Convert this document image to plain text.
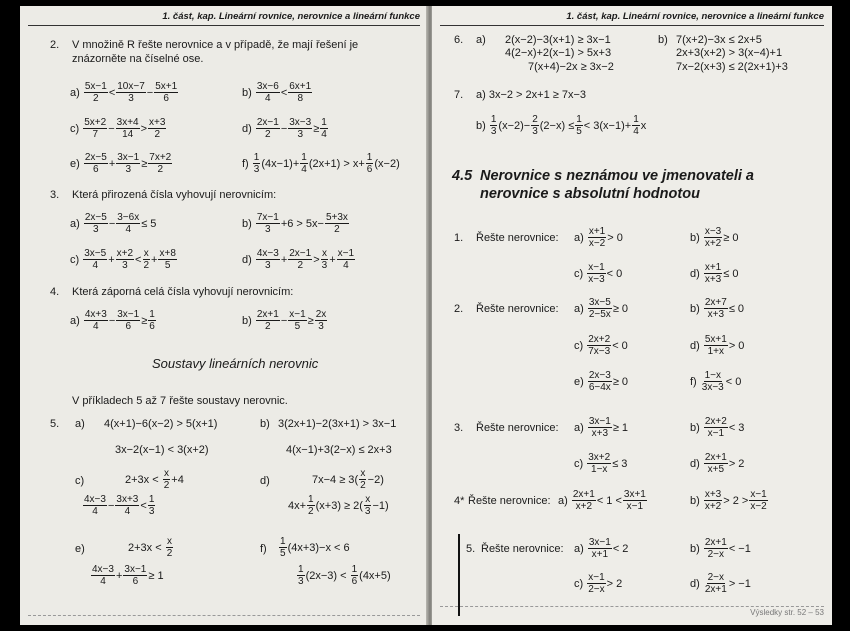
1. část, kap. Lineární rovnice, nerovnice a lineární funkce
2. V množině R řešte nerovnice a v případě, že mají řešení je
znázorněte na číselné ose.
a)
5x−1
2 < 10x−7
3 − 5x+1
6	b)
3x−6
4 < 6x+1
8
c)
5x+2
7 − 3x+4
14 > x+3
2	d)
2x−1
2 − 3x−3
3 ≥ 1
4
e)
2x−5
6 + 3x−1
3 ≥ 7x+2
2	f)
1
3 (4x−1)+ 1
4 (2x+1) > x+ 1
6 (x−2)
3. Která přirozená čísla vyhovují nerovnicím:
a) 2x−5
3 − 3−6x
4 ≤ 5	b) 7x−1
3 +6 > 5x− 5+3x
2
c) 3x−5
4 + x+2
3 < x
2 + x+8
5	d) 4x−3
3 + 2x−1
2 > x
3 + x−1
4
4. Která záporná celá čísla vyhovují nerovnicím:
a) 4x+3
4 − 3x−1
6 ≥ 1
6	b) 2x+1
2 − x−1
5 ≥ 2x
3
Soustavy lineárních nerovnic
V příkladech 5 až 7 řešte soustavy nerovnic.
5. a) 4(x+1)−6(x−2) > 5(x+1)
3x−2(x−1) < 3(x+2)
b) 3(2x+1)−2(3x+1) > 3x−1
4(x−1)+3(2−x) ≤ 2x+3
c)	2+3x <
x
2 +4
4x−3
4 − 3x+3
4 < 1
3
d)	7x−4 ≥ 3 ( x
2 −2)
$4x+ \frac{1}{2} (x+3) \ge 2$ ( x
3 −1)
e)	2+3x <
x
2
4x−3
$4 + \frac{3x-1}{6} \ge 1$
f)
1
5 (4x+3)−x < 6
1
3 (2x−3) <
1
6 (4x+5)
1. část, kap. Lineární rovnice, nerovnice a lineární funkce
6. a) 2(x−2)−3(x+1) ≥ 3x−1
4(2−x)+2(x−1) > 5x+3
7(x+4)−2x ≥ 3x−2
b) 7(x+2)−3x ≤ 2x+5
2x+3(x+2) > 3(x−4)+1
7x−2(x+3) ≤ 2(2x+1)+3
7. a) 3x−2 > 2x+1 ≥ 7x−3
b)
1
3 (x−2)− 2
3 (2−x) ≤ 1
5 < 3(x−1)+ 1
4 x
4.5 Nerovnice s neznámou ve jmenovateli a
nerovnice s absolutní hodnotou
1. Řešte nerovnice: a) x+1
x−2 > 0	b) x−3
x+2 ≥ 0
c) x−1
x−3 < 0	d) x+1
x+3 ≤ 0
2. Řešte nerovnice: a) 3x−5
2−5x ≥ 0	b) 2x+7
x+3 ≤ 0
c) 2x+2
7x−3 < 0	d) 5x+1
1+x > 0
e) 2x−3
6−4x ≥ 0	f) 1−x
3x−3 < 0
3. Řešte nerovnice: a) 3x−1
x+3 ≥ 1	b) 2x+2
x−1 < 3
c) 3x+2
1−x ≤ 3	d) 2x+1
x+5 > 2
4* Řešte nerovnice: a) 2x+1
x+2 < 1 < 3x+1
x−1	b) x+3
x+2 > 2 > x−1
x−2
5. Řešte nerovnice: a) 3x−1
x+1 < 2	b) 2x+1
2−x < −1
c) x−1
2−x > 2	d) 2−x
2x+1 > −1
Výsledky str. 52 – 53
